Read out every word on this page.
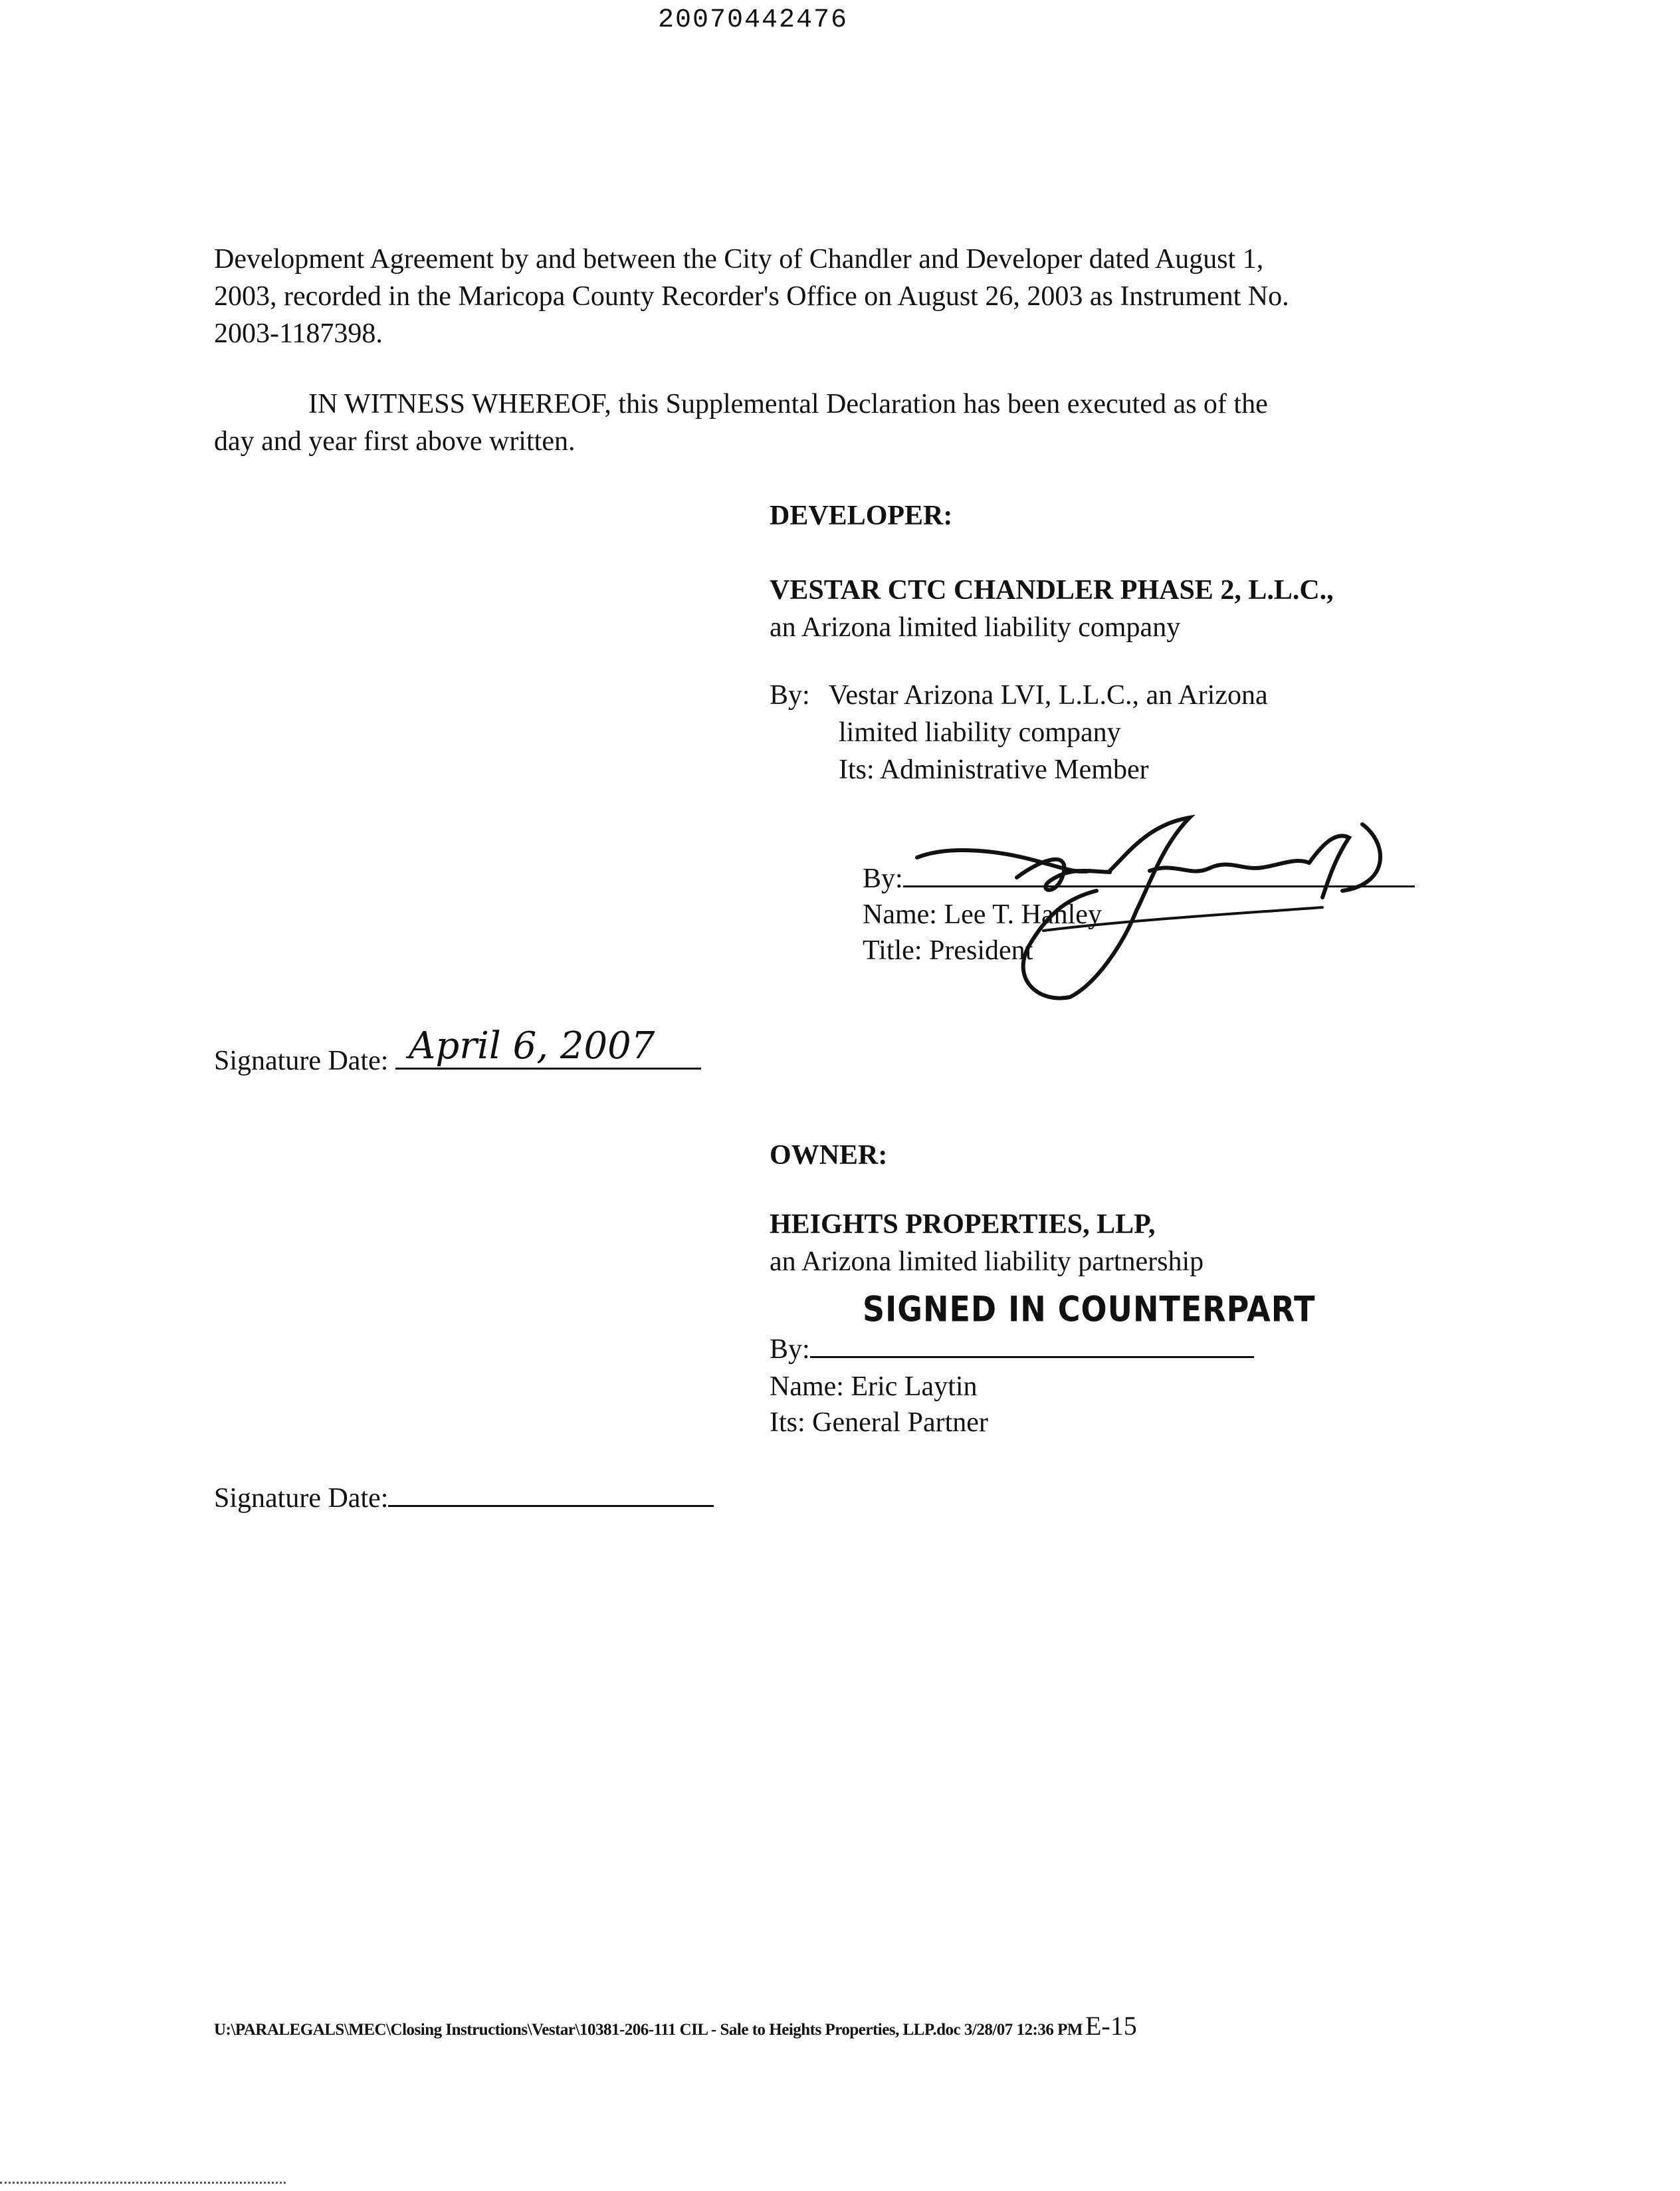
20070442476
Development Agreement by and between the City of Chandler and Developer dated August 1,
2003, recorded in the Maricopa County Recorder's Office on August 26, 2003 as Instrument No.
2003-1187398.
IN WITNESS WHEREOF, this Supplemental Declaration has been executed as of the
day and year first above written.
DEVELOPER:
VESTAR CTC CHANDLER PHASE 2, L.L.C.,
an Arizona limited liability company
By: Vestar Arizona LVI, L.L.C., an Arizona
limited liability company
Its: Administrative Member
By:
Name: Lee T. Hanley
Title: President
Signature Date: April 6, 2007
OWNER:
HEIGHTS PROPERTIES, LLP,
an Arizona limited liability partnership
SIGNED IN COUNTERPART
By:
Name: Eric Laytin
Its: General Partner
Signature Date:
U:\PARALEGALS\MEC\Closing Instructions\Vestar\10381-206-111 CIL - Sale to Heights Properties, LLP.doc 3/28/07 12:36 PM E-15
